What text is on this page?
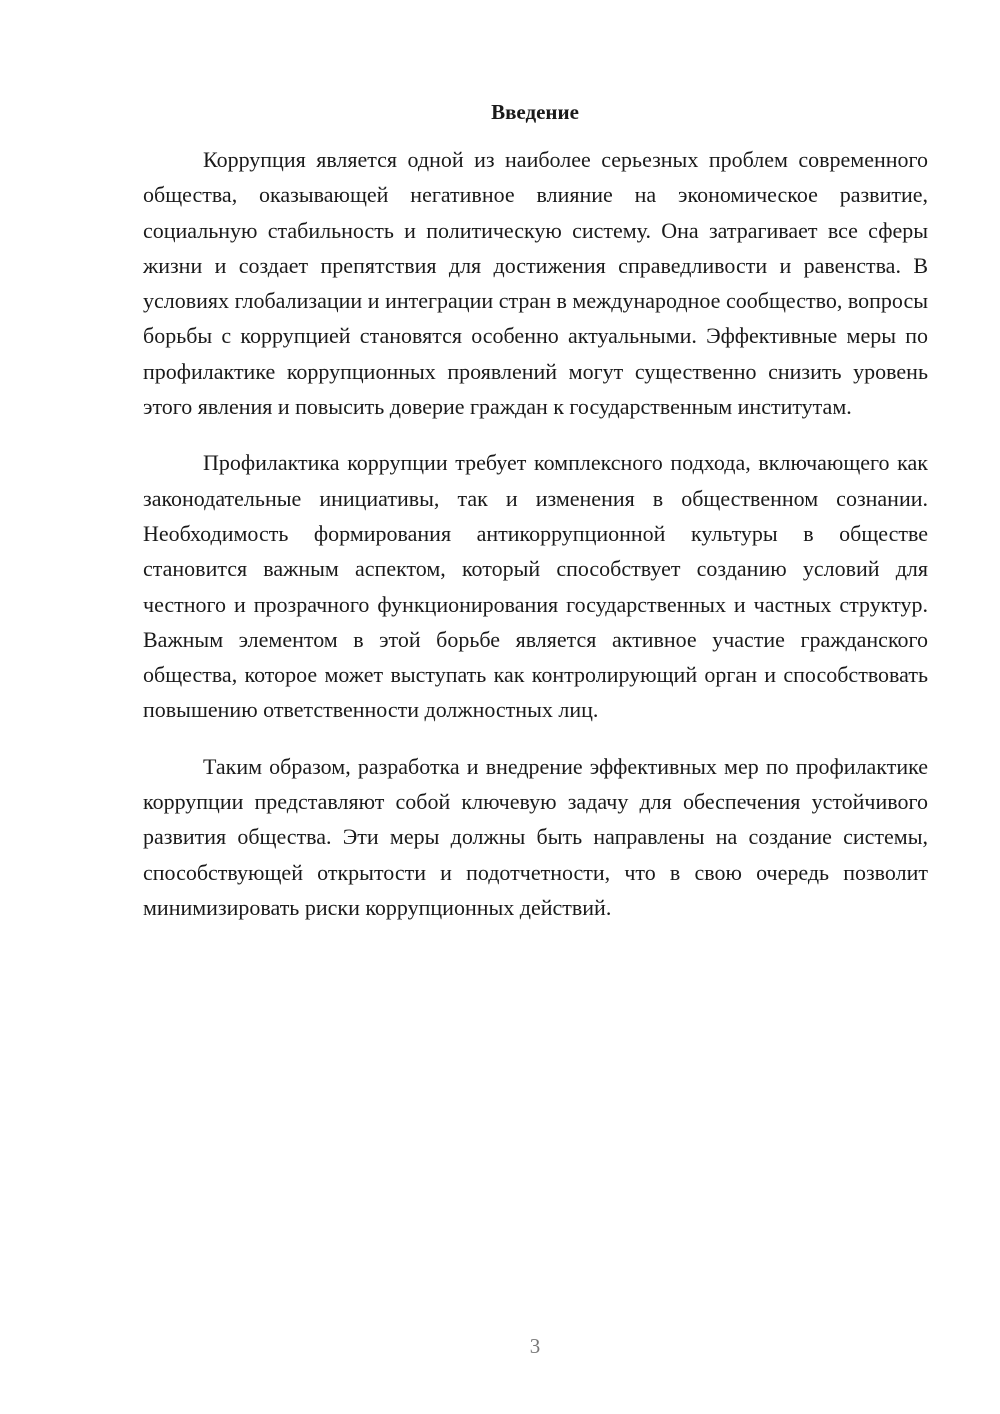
Введение

Коррупция является одной из наиболее серьезных проблем современного общества, оказывающей негативное влияние на экономическое развитие, социальную стабильность и политическую систему. Она затрагивает все сферы жизни и создает препятствия для достижения справедливости и равенства. В условиях глобализации и интеграции стран в международное сообщество, вопросы борьбы с коррупцией становятся особенно актуальными. Эффективные меры по профилактике коррупционных проявлений могут существенно снизить уровень этого явления и повысить доверие граждан к государственным институтам.

Профилактика коррупции требует комплексного подхода, включающего как законодательные инициативы, так и изменения в общественном сознании. Необходимость формирования антикоррупционной культуры в обществе становится важным аспектом, который способствует созданию условий для честного и прозрачного функционирования государственных и частных структур. Важным элементом в этой борьбе является активное участие гражданского общества, которое может выступать как контролирующий орган и способствовать повышению ответственности должностных лиц.

Таким образом, разработка и внедрение эффективных мер по профилактике коррупции представляют собой ключевую задачу для обеспечения устойчивого развития общества. Эти меры должны быть направлены на создание системы, способствующей открытости и подотчетности, что в свою очередь позволит минимизировать риски коррупционных действий.

3
